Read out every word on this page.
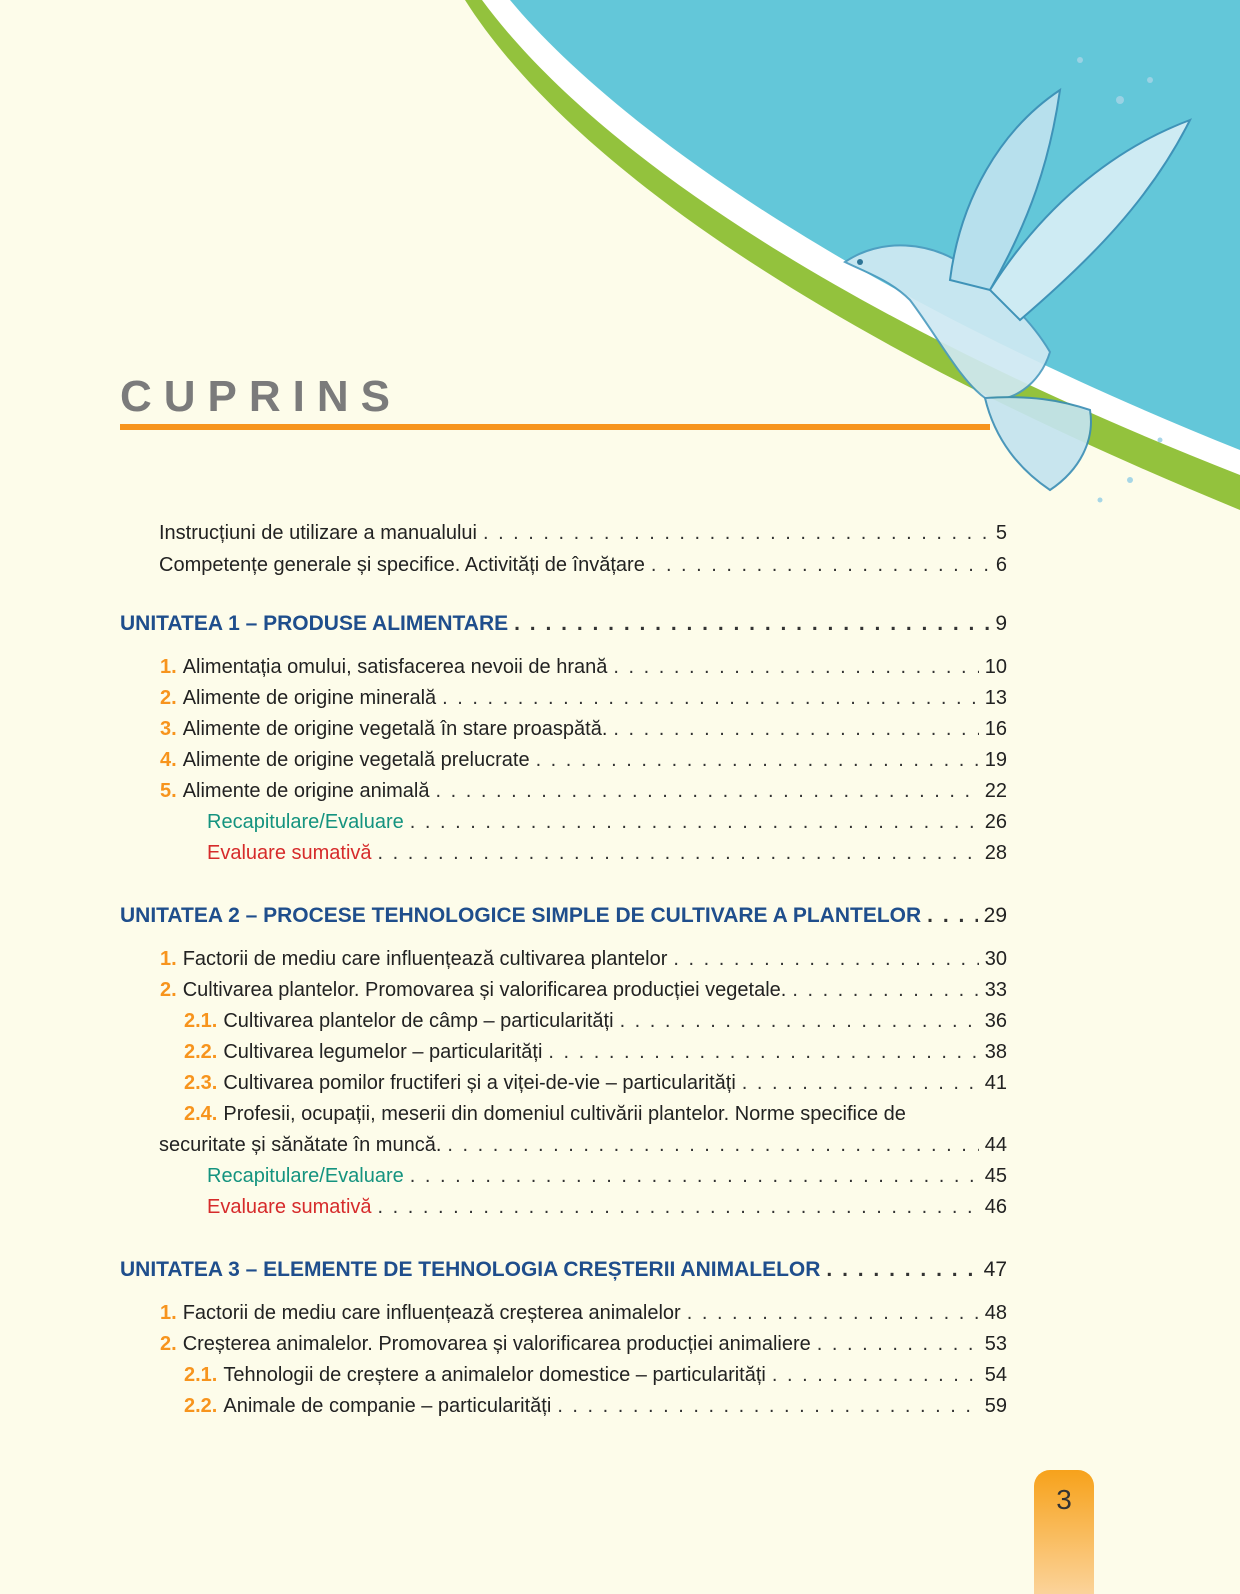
CUPRINS
Instrucțiuni de utilizare a manualului . . .	5
Competențe generale și specifice. Activități de învățare . . .	6
UNITATEA 1 – PRODUSE ALIMENTARE . . .	9
1. Alimentația omului, satisfacerea nevoii de hrană . . .	10
2. Alimente de origine minerală . . .	13
3. Alimente de origine vegetală în stare proaspătă. . . .	16
4. Alimente de origine vegetală prelucrate . . .	19
5. Alimente de origine animală . . .	22
Recapitulare/Evaluare . . .	26
Evaluare sumativă . . .	28
UNITATEA 2 – PROCESE TEHNOLOGICE SIMPLE DE CULTIVARE A PLANTELOR . . .	29
1. Factorii de mediu care influențează cultivarea plantelor . . .	30
2. Cultivarea plantelor. Promovarea și valorificarea producției vegetale. . . .	33
2.1. Cultivarea plantelor de câmp – particularități . . .	36
2.2. Cultivarea legumelor – particularități . . .	38
2.3. Cultivarea pomilor fructiferi și a viței-de-vie – particularități . . .	41
2.4. Profesii, ocupații, meserii din domeniul cultivării plantelor. Norme specifice de
securitate și sănătate în muncă. . . .	44
Recapitulare/Evaluare . . .	45
Evaluare sumativă . . .	46
UNITATEA 3 – ELEMENTE DE TEHNOLOGIA CREȘTERII ANIMALELOR . . .	47
1. Factorii de mediu care influențează creșterea animalelor . . .	48
2. Creșterea animalelor. Promovarea și valorificarea producției animaliere . . .	53
2.1. Tehnologii de creștere a animalelor domestice – particularități . . .	54
2.2. Animale de companie – particularități . . .	59
3
